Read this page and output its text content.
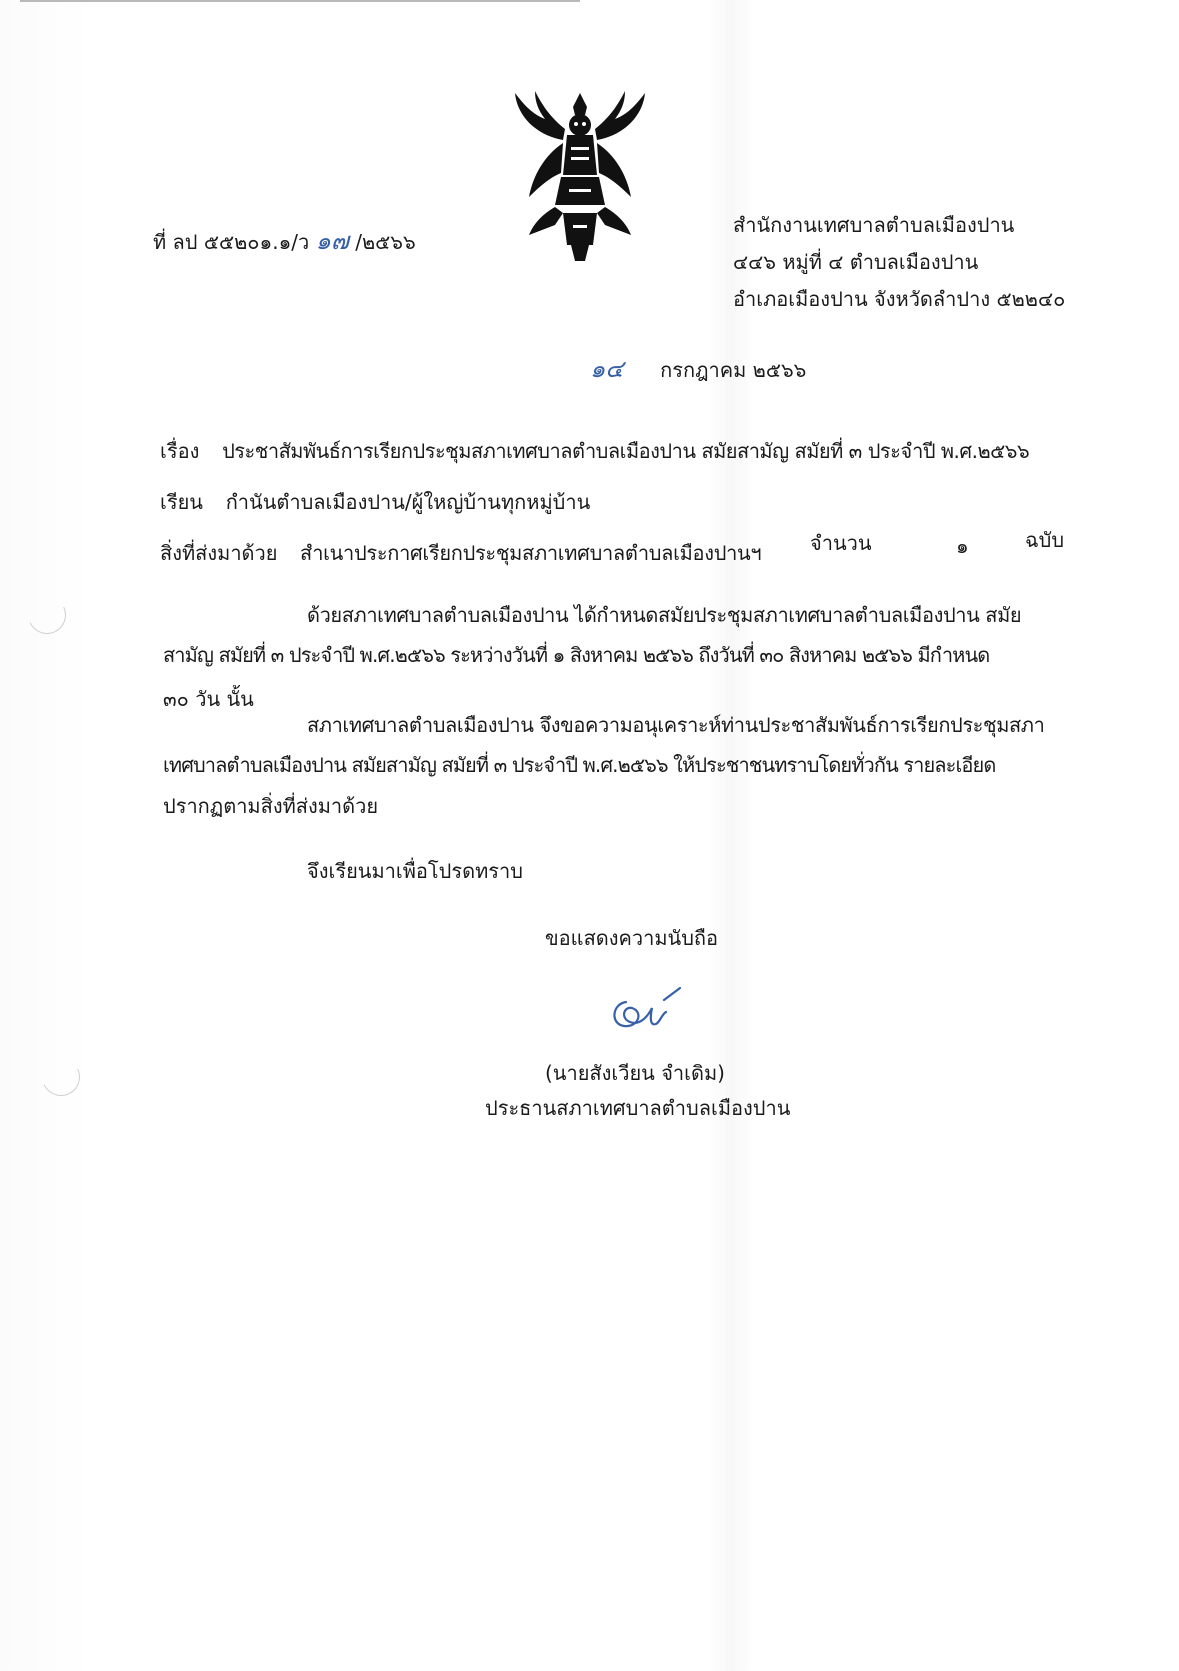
ที่ ลป ๕๕๒๐๑.๑/ว ๑๗ /๒๕๖๖
สำนักงานเทศบาลตำบลเมืองปาน
๔๔๖ หมู่ที่ ๔ ตำบลเมืองปาน
อำเภอเมืองปาน จังหวัดลำปาง ๕๒๒๔๐
๑๔ กรกฎาคม ๒๕๖๖
เรื่อง ประชาสัมพันธ์การเรียกประชุมสภาเทศบาลตำบลเมืองปาน สมัยสามัญ สมัยที่ ๓ ประจำปี พ.ศ.๒๕๖๖
เรียน กำนันตำบลเมืองปาน/ผู้ใหญ่บ้านทุกหมู่บ้าน
สิ่งที่ส่งมาด้วย สำเนาประกาศเรียกประชุมสภาเทศบาลตำบลเมืองปานฯ จำนวน	๑	ฉบับ
ด้วยสภาเทศบาลตำบลเมืองปาน ได้กำหนดสมัยประชุมสภาเทศบาลตำบลเมืองปาน สมัย
สามัญ สมัยที่ ๓ ประจำปี พ.ศ.๒๕๖๖ ระหว่างวันที่ ๑ สิงหาคม ๒๕๖๖ ถึงวันที่ ๓๐ สิงหาคม ๒๕๖๖ มีกำหนด
๓๐ วัน นั้น
สภาเทศบาลตำบลเมืองปาน จึงขอความอนุเคราะห์ท่านประชาสัมพันธ์การเรียกประชุมสภา
เทศบาลตำบลเมืองปาน สมัยสามัญ สมัยที่ ๓ ประจำปี พ.ศ.๒๕๖๖ ให้ประชาชนทราบโดยทั่วกัน รายละเอียด
ปรากฏตามสิ่งที่ส่งมาด้วย
จึงเรียนมาเพื่อโปรดทราบ
ขอแสดงความนับถือ
(นายสังเวียน จำเดิม)
ประธานสภาเทศบาลตำบลเมืองปาน
